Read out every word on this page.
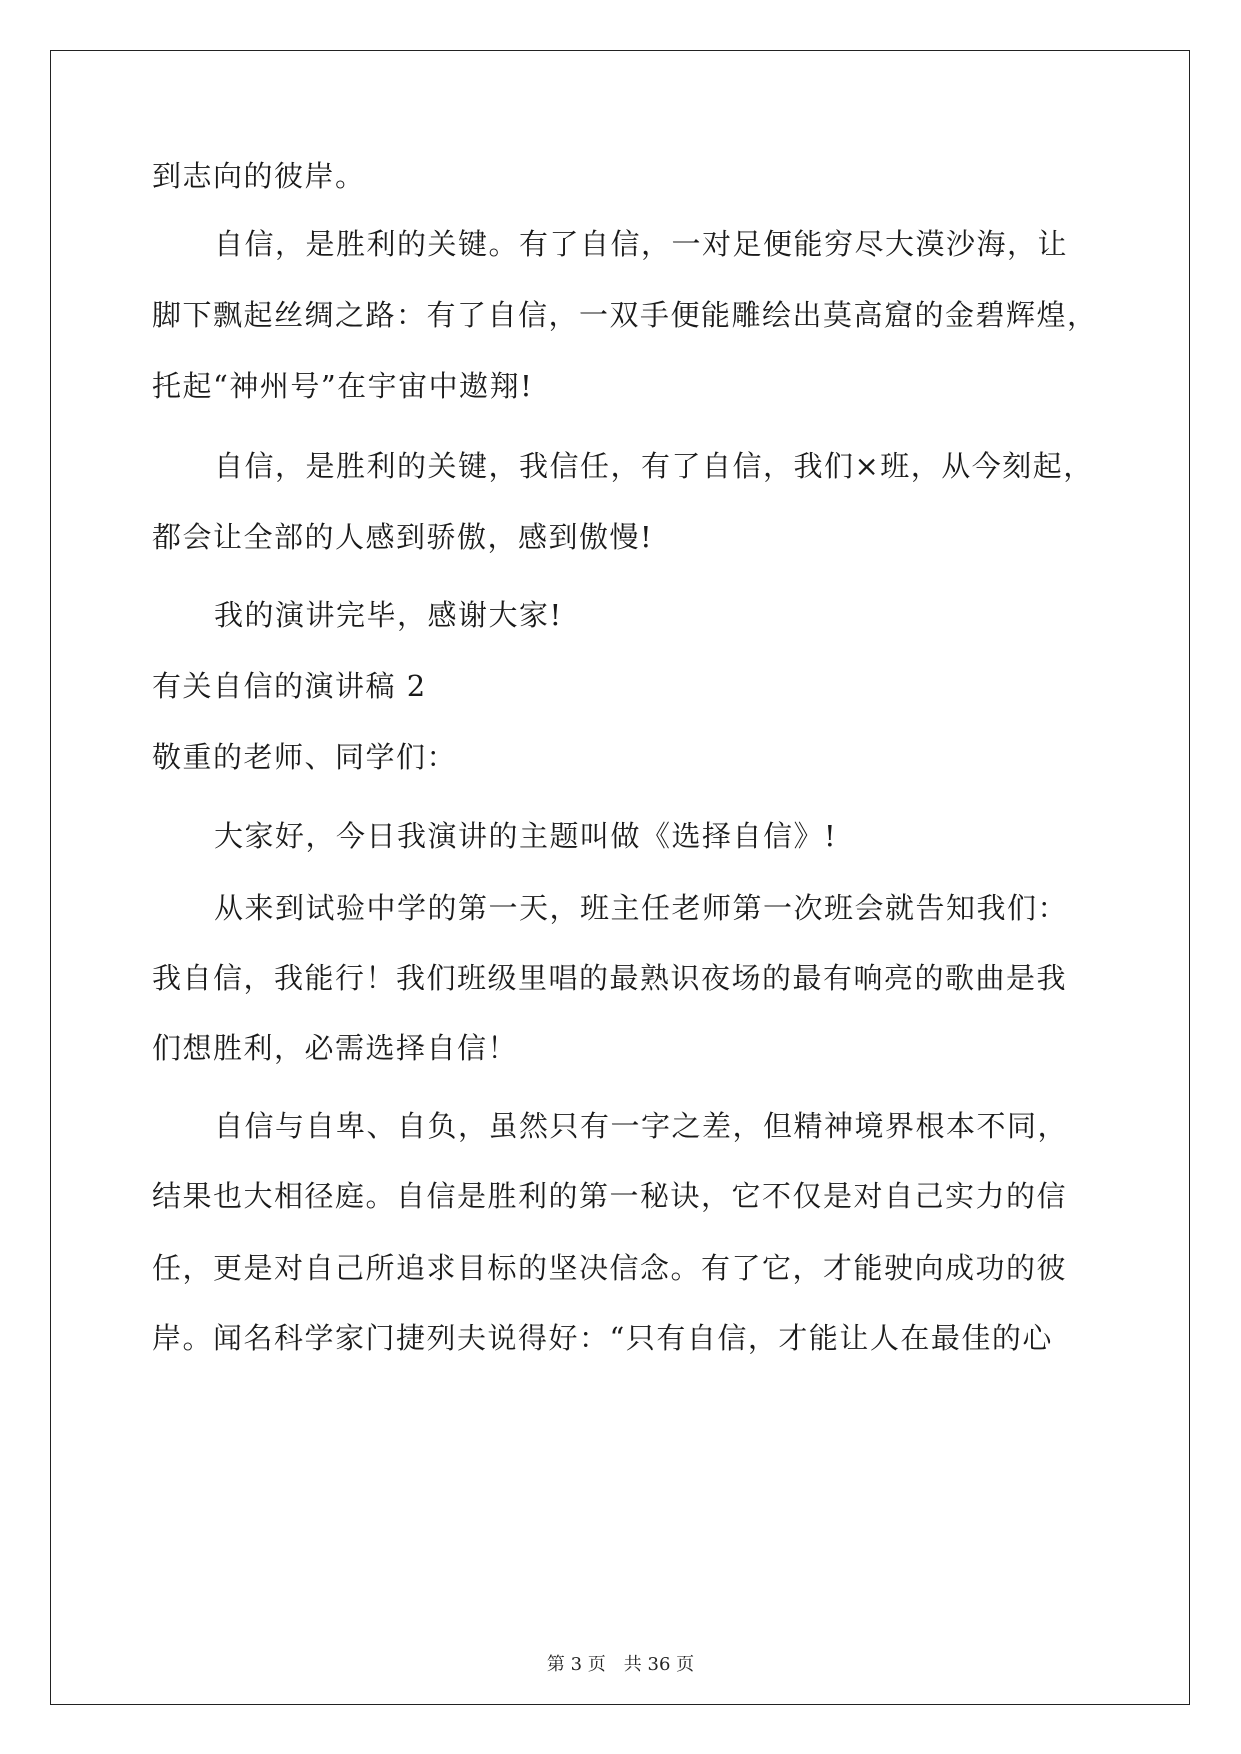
到志向的彼岸。
自信，是胜利的关键。有了自信，一对足便能穷尽大漠沙海，让
脚下飘起丝绸之路：有了自信，一双手便能雕绘出莫高窟的金碧辉煌，
托起“神州号”在宇宙中遨翔!
自信，是胜利的关键，我信任，有了自信，我们×班，从今刻起，
都会让全部的人感到骄傲，感到傲慢!
我的演讲完毕，感谢大家!
有关自信的演讲稿 2
敬重的老师、同学们：
大家好，今日我演讲的主题叫做《选择自信》!
从来到试验中学的第一天，班主任老师第一次班会就告知我们：
我自信，我能行！我们班级里唱的最熟识夜场的最有响亮的歌曲是我
们想胜利，必需选择自信！
自信与自卑、自负，虽然只有一字之差，但精神境界根本不同，
结果也大相径庭。自信是胜利的第一秘诀，它不仅是对自己实力的信
任，更是对自己所追求目标的坚决信念。有了它，才能驶向成功的彼
岸。闻名科学家门捷列夫说得好：“只有自信，才能让人在最佳的心
第 3 页　共 36 页
